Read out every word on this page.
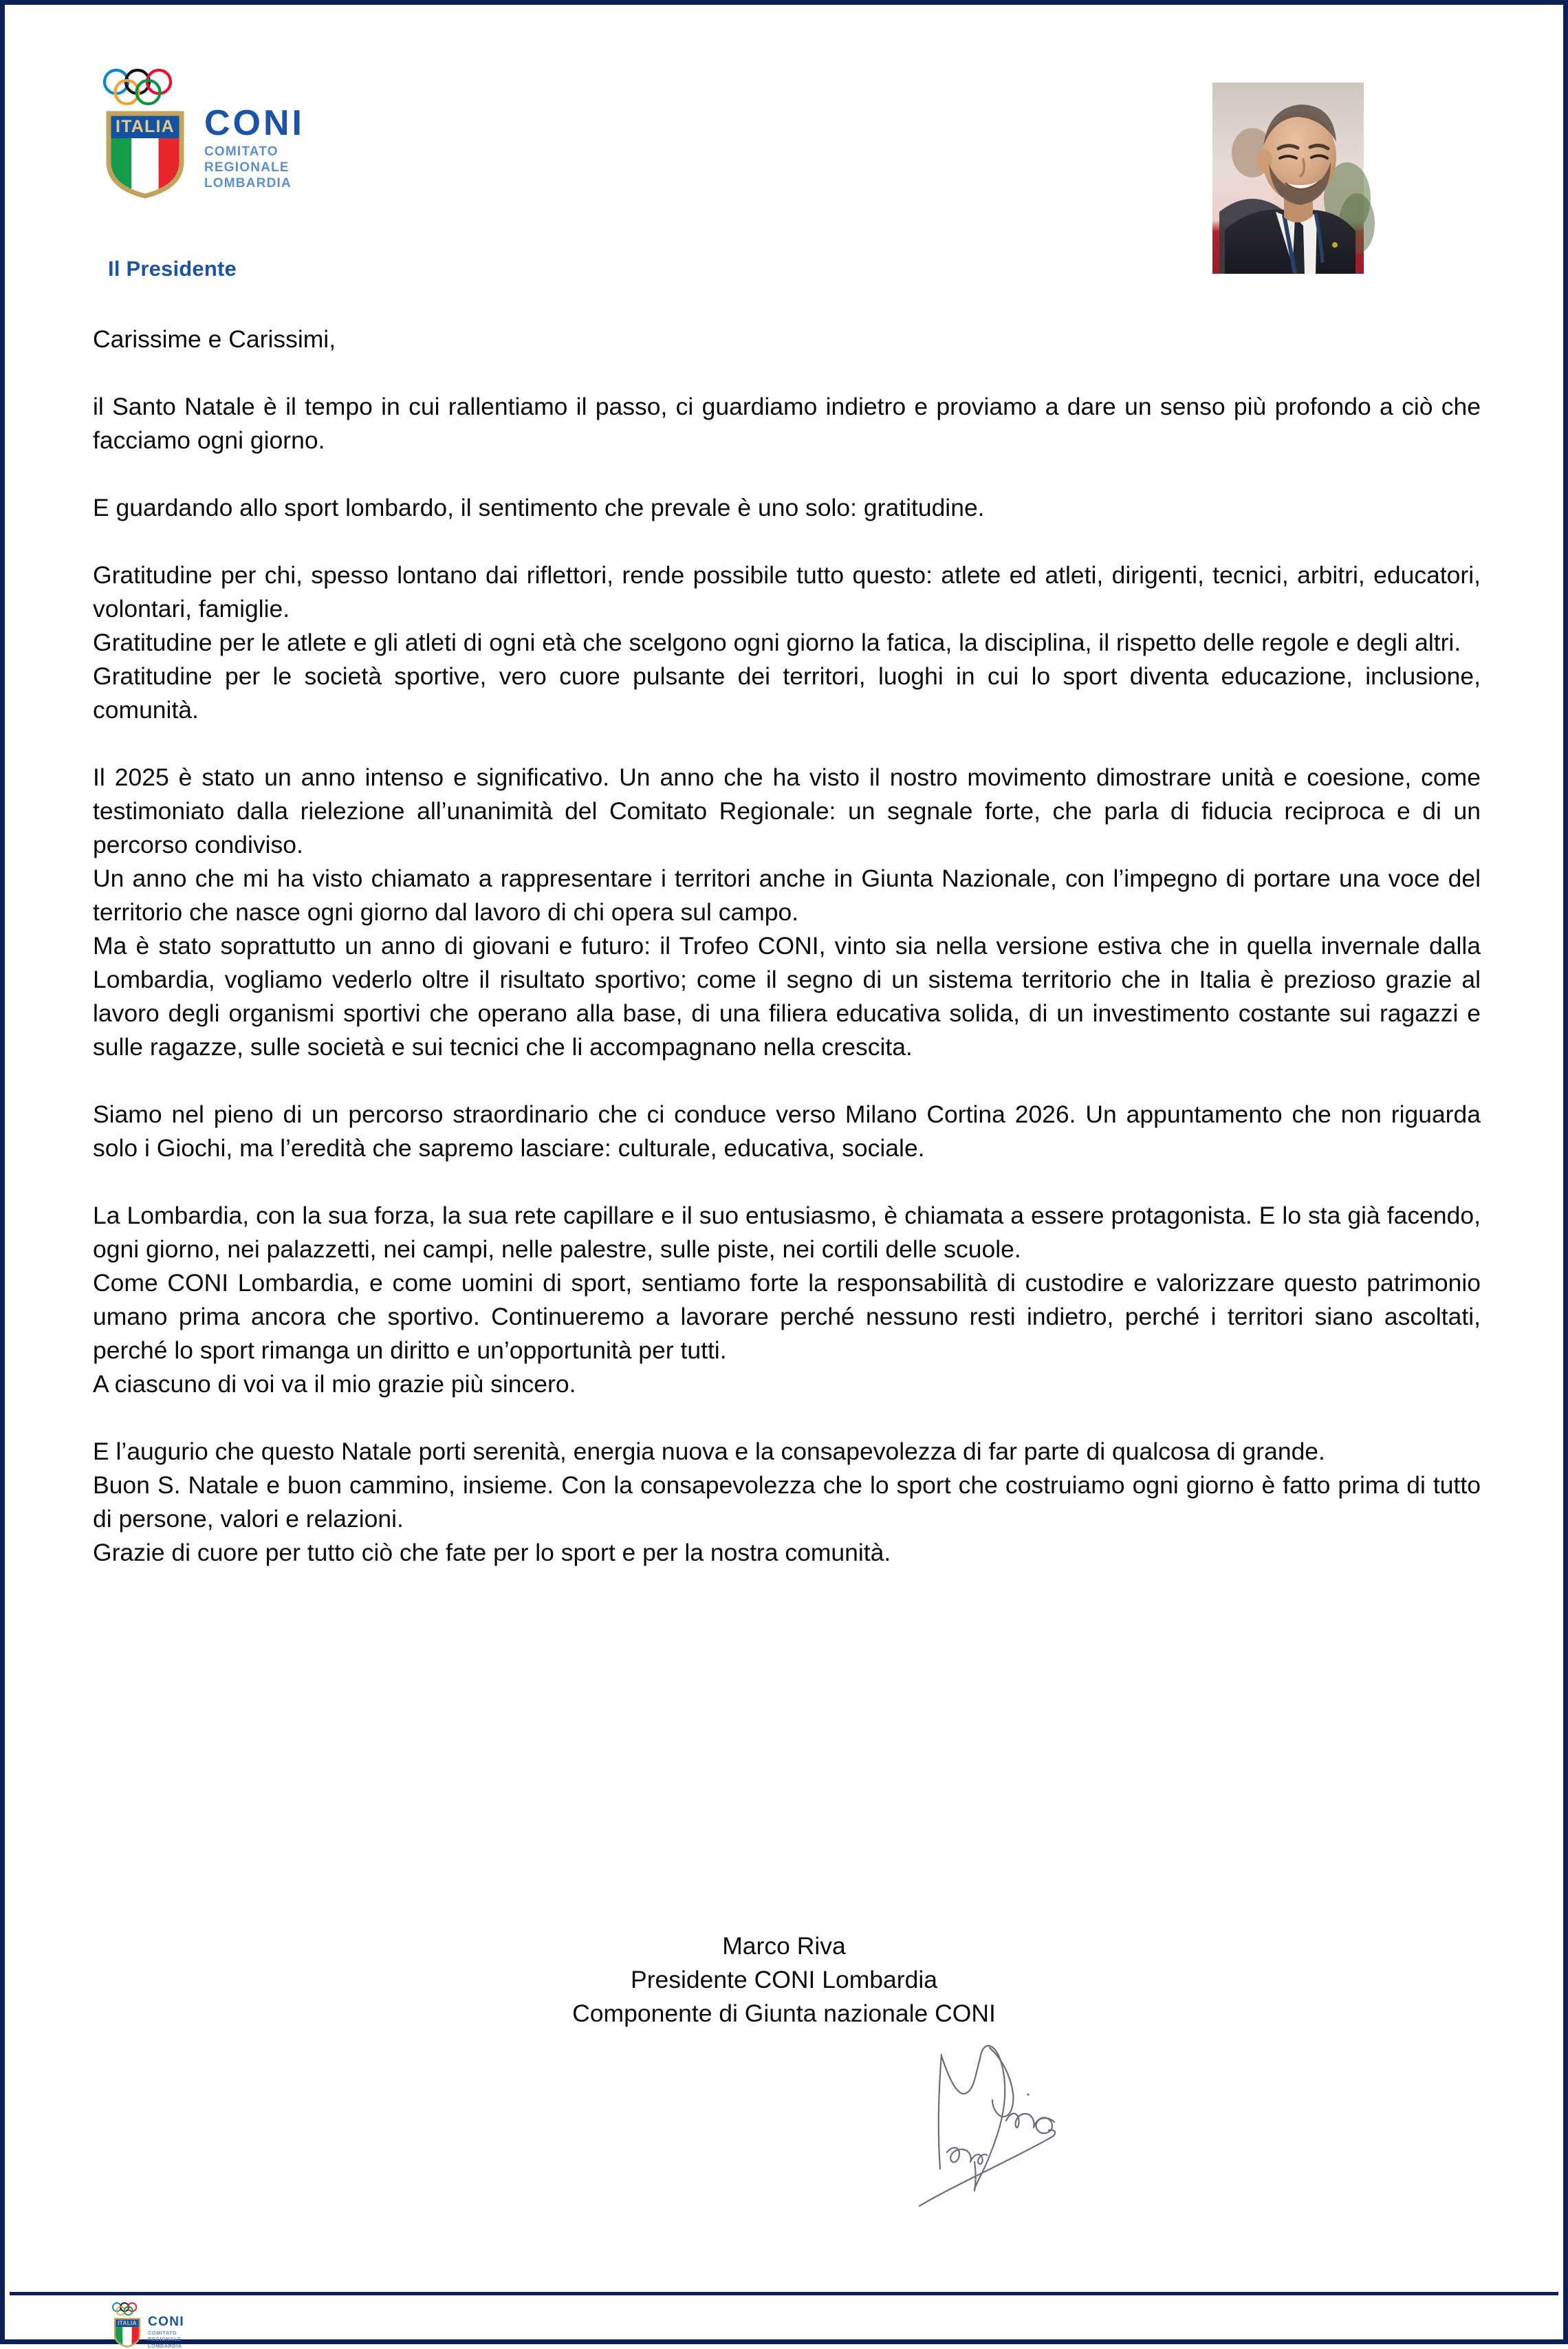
ITALIA CONI
COMITATO
REGIONALE
LOMBARDIA
Il Presidente

Carissime e Carissimi,

il Santo Natale è il tempo in cui rallentiamo il passo, ci guardiamo indietro e proviamo a dare un senso più profondo a ciò che facciamo ogni giorno.

E guardando allo sport lombardo, il sentimento che prevale è uno solo: gratitudine.

Gratitudine per chi, spesso lontano dai riflettori, rende possibile tutto questo: atlete ed atleti, dirigenti, tecnici, arbitri, educatori, volontari, famiglie.

Gratitudine per le atlete e gli atleti di ogni età che scelgono ogni giorno la fatica, la disciplina, il rispetto delle regole e degli altri.

Gratitudine per le società sportive, vero cuore pulsante dei territori, luoghi in cui lo sport diventa educazione, inclusione, comunità.

Il 2025 è stato un anno intenso e significativo. Un anno che ha visto il nostro movimento dimostrare unità e coesione, come testimoniato dalla rielezione all’unanimità del Comitato Regionale: un segnale forte, che parla di fiducia reciproca e di un percorso condiviso.

Un anno che mi ha visto chiamato a rappresentare i territori anche in Giunta Nazionale, con l’impegno di portare una voce del territorio che nasce ogni giorno dal lavoro di chi opera sul campo.

Ma è stato soprattutto un anno di giovani e futuro: il Trofeo CONI, vinto sia nella versione estiva che in quella invernale dalla Lombardia, vogliamo vederlo oltre il risultato sportivo; come il segno di un sistema territorio che in Italia è prezioso grazie al lavoro degli organismi sportivi che operano alla base, di una filiera educativa solida, di un investimento costante sui ragazzi e sulle ragazze, sulle società e sui tecnici che li accompagnano nella crescita.

Siamo nel pieno di un percorso straordinario che ci conduce verso Milano Cortina 2026. Un appuntamento che non riguarda solo i Giochi, ma l’eredità che sapremo lasciare: culturale, educativa, sociale.

La Lombardia, con la sua forza, la sua rete capillare e il suo entusiasmo, è chiamata a essere protagonista. E lo sta già facendo, ogni giorno, nei palazzetti, nei campi, nelle palestre, sulle piste, nei cortili delle scuole.

Come CONI Lombardia, e come uomini di sport, sentiamo forte la responsabilità di custodire e valorizzare questo patrimonio umano prima ancora che sportivo. Continueremo a lavorare perché nessuno resti indietro, perché i territori siano ascoltati, perché lo sport rimanga un diritto e un’opportunità per tutti.

A ciascuno di voi va il mio grazie più sincero.

E l’augurio che questo Natale porti serenità, energia nuova e la consapevolezza di far parte di qualcosa di grande.

Buon S. Natale e buon cammino, insieme. Con la consapevolezza che lo sport che costruiamo ogni giorno è fatto prima di tutto di persone, valori e relazioni.

Grazie di cuore per tutto ciò che fate per lo sport e per la nostra comunità.

Marco Riva
Presidente CONI Lombardia
Componente di Giunta nazionale CONI
ITALIA CONI
COMITATO
REGIONALE
LOMBARDIA
